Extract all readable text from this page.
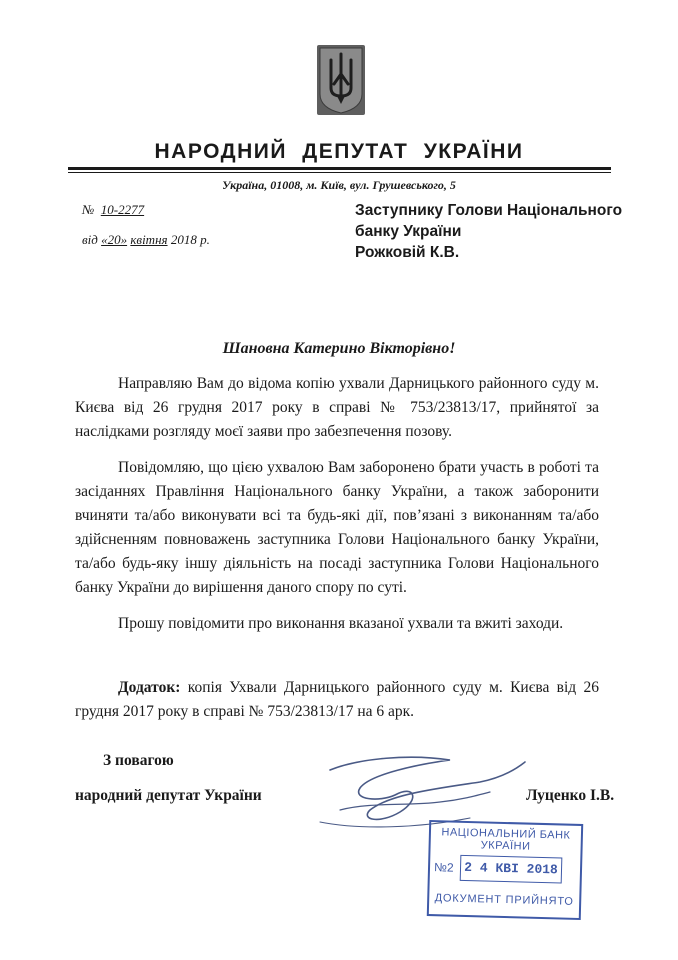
НАРОДНИЙ ДЕПУТАТ УКРАЇНИ
Україна, 01008, м. Київ, вул. Грушевського, 5
№ 10-2277
від «20» квітня 2018 р.
Заступнику Голови Національного
банку України
Рожковій К.В.
Шановна Катерино Вікторівно!
Направляю Вам до відома копію ухвали Дарницького районного суду м. Києва від 26 грудня 2017 року в справі № 753/23813/17, прийнятої за наслідками розгляду моєї заяви про забезпечення позову.
Повідомляю, що цією ухвалою Вам заборонено брати участь в роботі та засіданнях Правління Національного банку України, а також заборонити вчиняти та/або виконувати всі та будь-які дії, пов’язані з виконанням та/або здійсненням повноважень заступника Голови Національного банку України, та/або будь-яку іншу діяльність на посаді заступника Голови Національного банку України до вирішення даного спору по суті.
Прошу повідомити про виконання вказаної ухвали та вжиті заходи.
Додаток: копія Ухвали Дарницького районного суду м. Києва від 26 грудня 2017 року в справі № 753/23813/17 на 6 арк.
З повагою
народний депутат України	Луценко І.В.
НАЦІОНАЛЬНИЙ БАНК
УКРАЇНИ
№2 2 4 КВІ 2018
ДОКУМЕНТ ПРИЙНЯТО
